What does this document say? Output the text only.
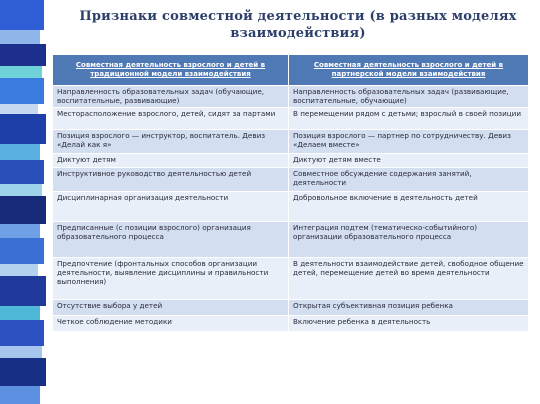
Признаки совместной деятельности (в разных моделях взаимодействия)
Совместная деятельность взрослого и детей в традиционной модели взаимодействия	Совместная деятельность взрослого и детей в партнерской модели взаимодействия
Направленность образовательных задач (обучающие, воспитательные, развивающие)	Направленность образовательных задач (развивающие, воспитательные, обучающие)
Месторасположение взрослого, детей, сидят за партами	В перемещении рядом с детьми; взрослый в своей позиции
Позиция взрослого — инструктор, воспитатель. Девиз «Делай как я»	Позиция взрослого — партнер по сотрудничеству. Девиз «Делаем вместе»
Диктуют детям	Диктуют детям вместе
Инструктивное руководство деятельностью детей	Совместное обсуждение содержания занятий, деятельности
Дисциплинарная организация деятельности	Добровольное включение в деятельность детей
Предписанные (с позиции взрослого) организация образовательного процесса	Интеграция подтем (тематическо-событийного) организации образовательного процесса
Предпочтение (фронтальных способов организации деятельности, выявление дисциплины и правильности выполнения)	В деятельности взаимодействие детей, свободное общение детей, перемещение детей во время деятельности
Отсутствие выбора у детей	Открытая субъективная позиция ребенка
Четкое соблюдение методики	Включение ребенка в деятельность
